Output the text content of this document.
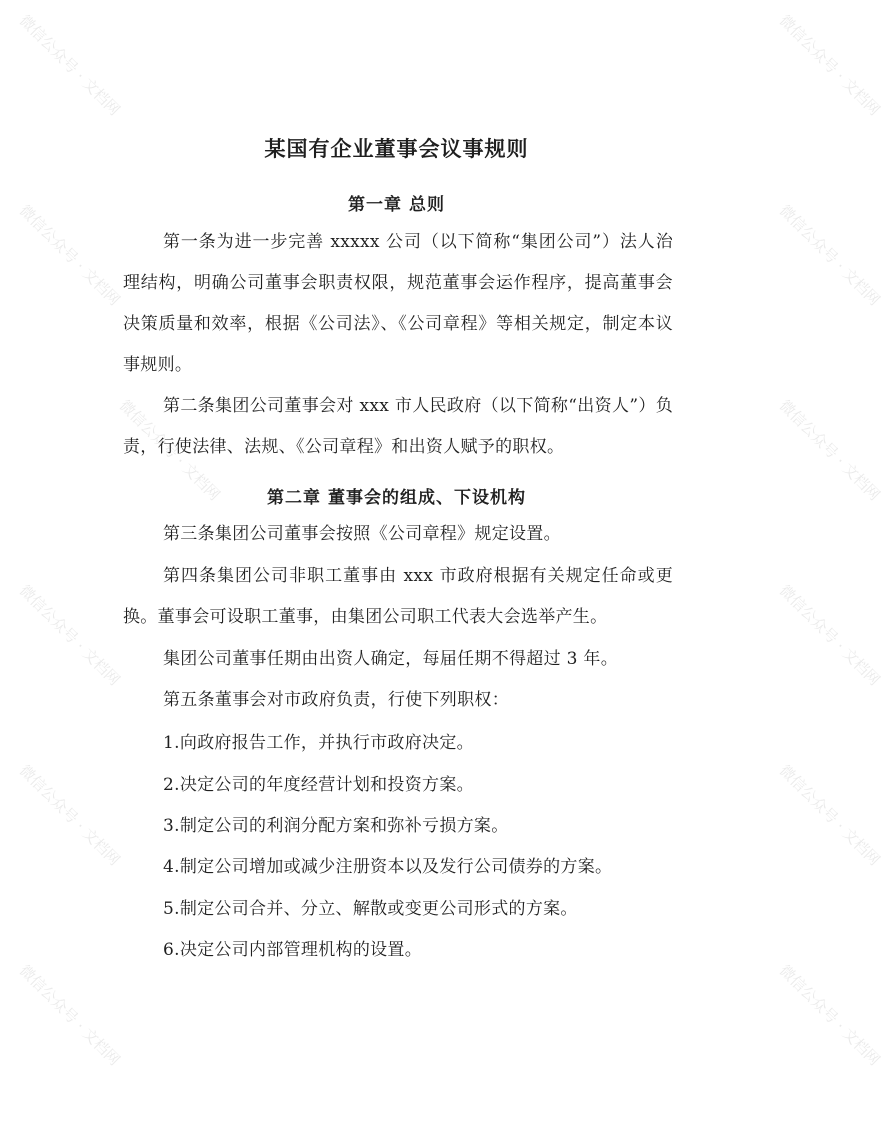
微信公众号 · 文档网	微信公众号 · 文档网
微信公众号 · 文档网	微信公众号 · 文档网
微信公众号 · 文档网	微信公众号 · 文档网
微信公众号 · 文档网	微信公众号 · 文档网
微信公众号 · 文档网	微信公众号 · 文档网
微信公众号 · 文档网	微信公众号 · 文档网
某国有企业董事会议事规则
第一章 总则

第一条为进一步完善 xxxxx 公司（以下简称“集团公司”）法人治理结构，明确公司董事会职责权限，规范董事会运作程序，提高董事会决策质量和效率，根据《公司法》、《公司章程》等相关规定，制定本议事规则。

第二条集团公司董事会对 xxx 市人民政府（以下简称“出资人”）负责，行使法律、法规、《公司章程》和出资人赋予的职权。

第二章 董事会的组成、下设机构

第三条集团公司董事会按照《公司章程》规定设置。

第四条集团公司非职工董事由 xxx 市政府根据有关规定任命或更换。董事会可设职工董事，由集团公司职工代表大会选举产生。

集团公司董事任期由出资人确定，每届任期不得超过 3 年。

第五条董事会对市政府负责，行使下列职权：

1.向政府报告工作，并执行市政府决定。

2.决定公司的年度经营计划和投资方案。

3.制定公司的利润分配方案和弥补亏损方案。

4.制定公司增加或减少注册资本以及发行公司债券的方案。

5.制定公司合并、分立、解散或变更公司形式的方案。

6.决定公司内部管理机构的设置。
